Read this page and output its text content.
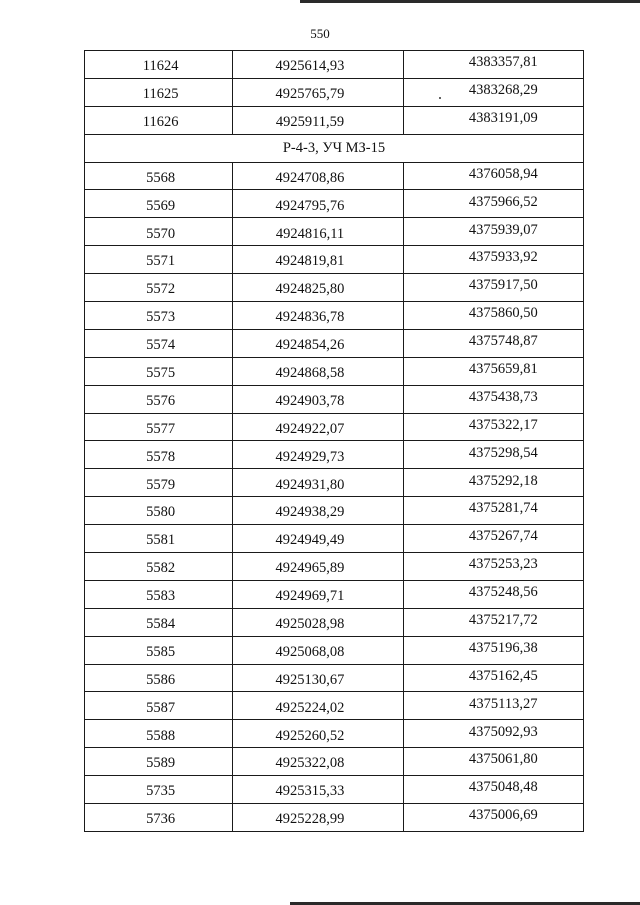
550
11624	4925614,93	4383357,81
11625	4925765,79	4383268,29
11626	4925911,59	4383191,09
Р-4-3, УЧ МЗ-15		
5568	4924708,86	4376058,94
5569	4924795,76	4375966,52
5570	4924816,11	4375939,07
5571	4924819,81	4375933,92
5572	4924825,80	4375917,50
5573	4924836,78	4375860,50
5574	4924854,26	4375748,87
5575	4924868,58	4375659,81
5576	4924903,78	4375438,73
5577	4924922,07	4375322,17
5578	4924929,73	4375298,54
5579	4924931,80	4375292,18
5580	4924938,29	4375281,74
5581	4924949,49	4375267,74
5582	4924965,89	4375253,23
5583	4924969,71	4375248,56
5584	4925028,98	4375217,72
5585	4925068,08	4375196,38
5586	4925130,67	4375162,45
5587	4925224,02	4375113,27
5588	4925260,52	4375092,93
5589	4925322,08	4375061,80
5735	4925315,33	4375048,48
5736	4925228,99	4375006,69
